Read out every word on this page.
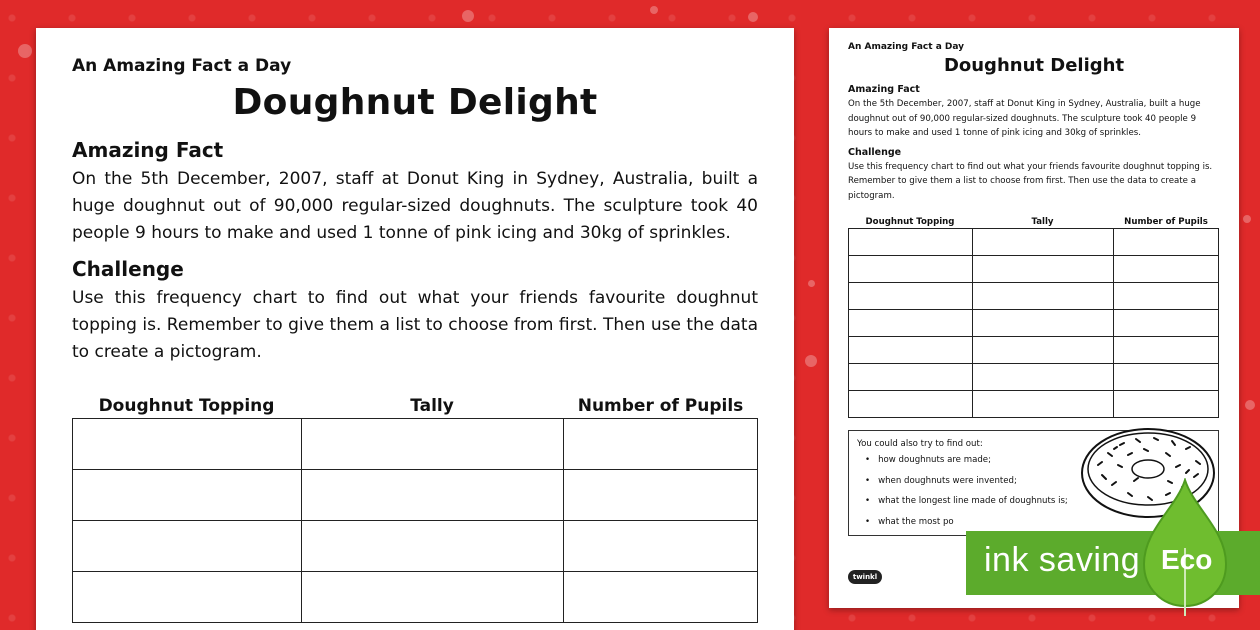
An Amazing Fact a Day
Doughnut Delight
Amazing Fact
On the 5th December, 2007, staff at Donut King in Sydney, Australia, built a huge doughnut out of 90,000 regular-sized doughnuts. The sculpture took 40 people 9 hours to make and used 1 tonne of pink icing and 30kg of sprinkles.
Challenge
Use this frequency chart to find out what your friends favourite doughnut topping is. Remember to give them a list to choose from first. Then use the data to create a pictogram.
Doughnut Topping	Tally	Number of Pupils

An Amazing Fact a Day
Doughnut Delight
Amazing Fact
On the 5th December, 2007, staff at Donut King in Sydney, Australia, built a huge doughnut out of 90,000 regular-sized doughnuts. The sculpture took 40 people 9 hours to make and used 1 tonne of pink icing and 30kg of sprinkles.
Challenge
Use this frequency chart to find out what your friends favourite doughnut topping is. Remember to give them a list to choose from first. Then use the data to create a pictogram.
Doughnut Topping	Tally	Number of Pupils

You could also try to find out:
• how doughnuts are made;
• when doughnuts were invented;
• what the longest line made of doughnuts is;
• what the most po
twinkl	ink saving Eco
